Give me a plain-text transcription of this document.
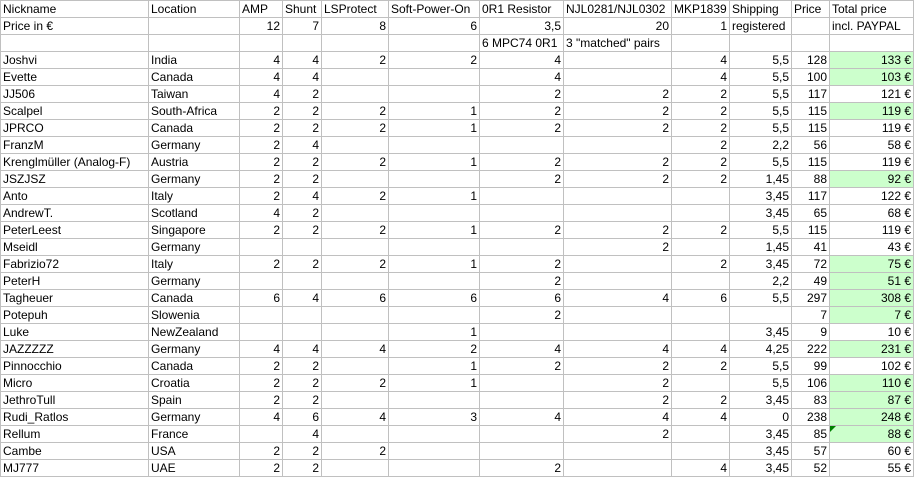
Nickname	Location	AMP	Shunt	LSProtect	Soft-Power-On	0R1 Resistor	NJL0281/NJL0302	MKP1839	Shipping	Price	Total price
Price in €		12	7	8	6	3,5	20	1	registered		incl. PAYPAL
						6 MPC74 0R1	3 "matched" pairs				
Joshvi	India	4	4	2	2	4		4	5,5	128	133 €
Evette	Canada	4	4			4		4	5,5	100	103 €
JJ506	Taiwan	4	2			2	2	2	5,5	117	121 €
Scalpel	South-Africa	2	2	2	1	2	2	2	5,5	115	119 €
JPRCO	Canada	2	2	2	1	2	2	2	5,5	115	119 €
FranzM	Germany	2	4					2	2,2	56	58 €
Krenglmüller (Analog-F)	Austria	2	2	2	1	2	2	2	5,5	115	119 €
JSZJSZ	Germany	2	2			2	2	2	1,45	88	92 €
Anto	Italy	2	4	2	1				3,45	117	122 €
AndrewT.	Scotland	4	2						3,45	65	68 €
PeterLeest	Singapore	2	2	2	1	2	2	2	5,5	115	119 €
Mseidl	Germany						2		1,45	41	43 €
Fabrizio72	Italy	2	2	2	1	2		2	3,45	72	75 €
PeterH	Germany					2			2,2	49	51 €
Tagheuer	Canada	6	4	6	6	6	4	6	5,5	297	308 €
Potepuh	Slowenia					2				7	7 €
Luke	NewZealand				1				3,45	9	10 €
JAZZZZZ	Germany	4	4	4	2	4	4	4	4,25	222	231 €
Pinnocchio	Canada	2	2		1	2	2	2	5,5	99	102 €
Micro	Croatia	2	2	2	1		2		5,5	106	110 €
JethroTull	Spain	2	2				2	2	3,45	83	87 €
Rudi_Ratlos	Germany	4	6	4	3	4	4	4	0	238	248 €
Rellum	France		4				2		3,45	85	88 €
Cambe	USA	2	2	2					3,45	57	60 €
MJ777	UAE	2	2			2		4	3,45	52	55 €
